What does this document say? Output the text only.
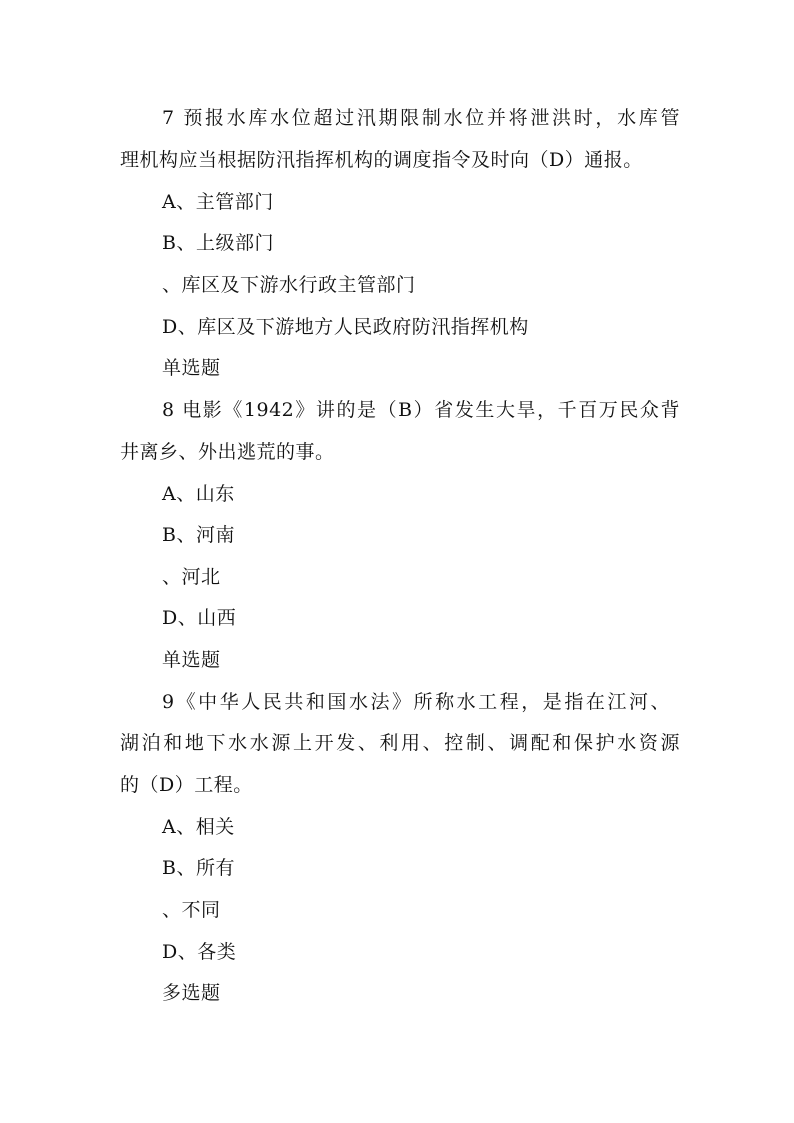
7 预报水库水位超过汛期限制水位并将泄洪时，水库管
理机构应当根据防汛指挥机构的调度指令及时向（D）通报。
A、主管部门
B、上级部门
、库区及下游水行政主管部门
D、库区及下游地方人民政府防汛指挥机构
单选题
8 电影《1942》讲的是（B）省发生大旱，千百万民众背
井离乡、外出逃荒的事。
A、山东
B、河南
、河北
D、山西
单选题
9《中华人民共和国水法》所称水工程，是指在江河、
湖泊和地下水水源上开发、利用、控制、调配和保护水资源
的（D）工程。
A、相关
B、所有
、不同
D、各类
多选题
